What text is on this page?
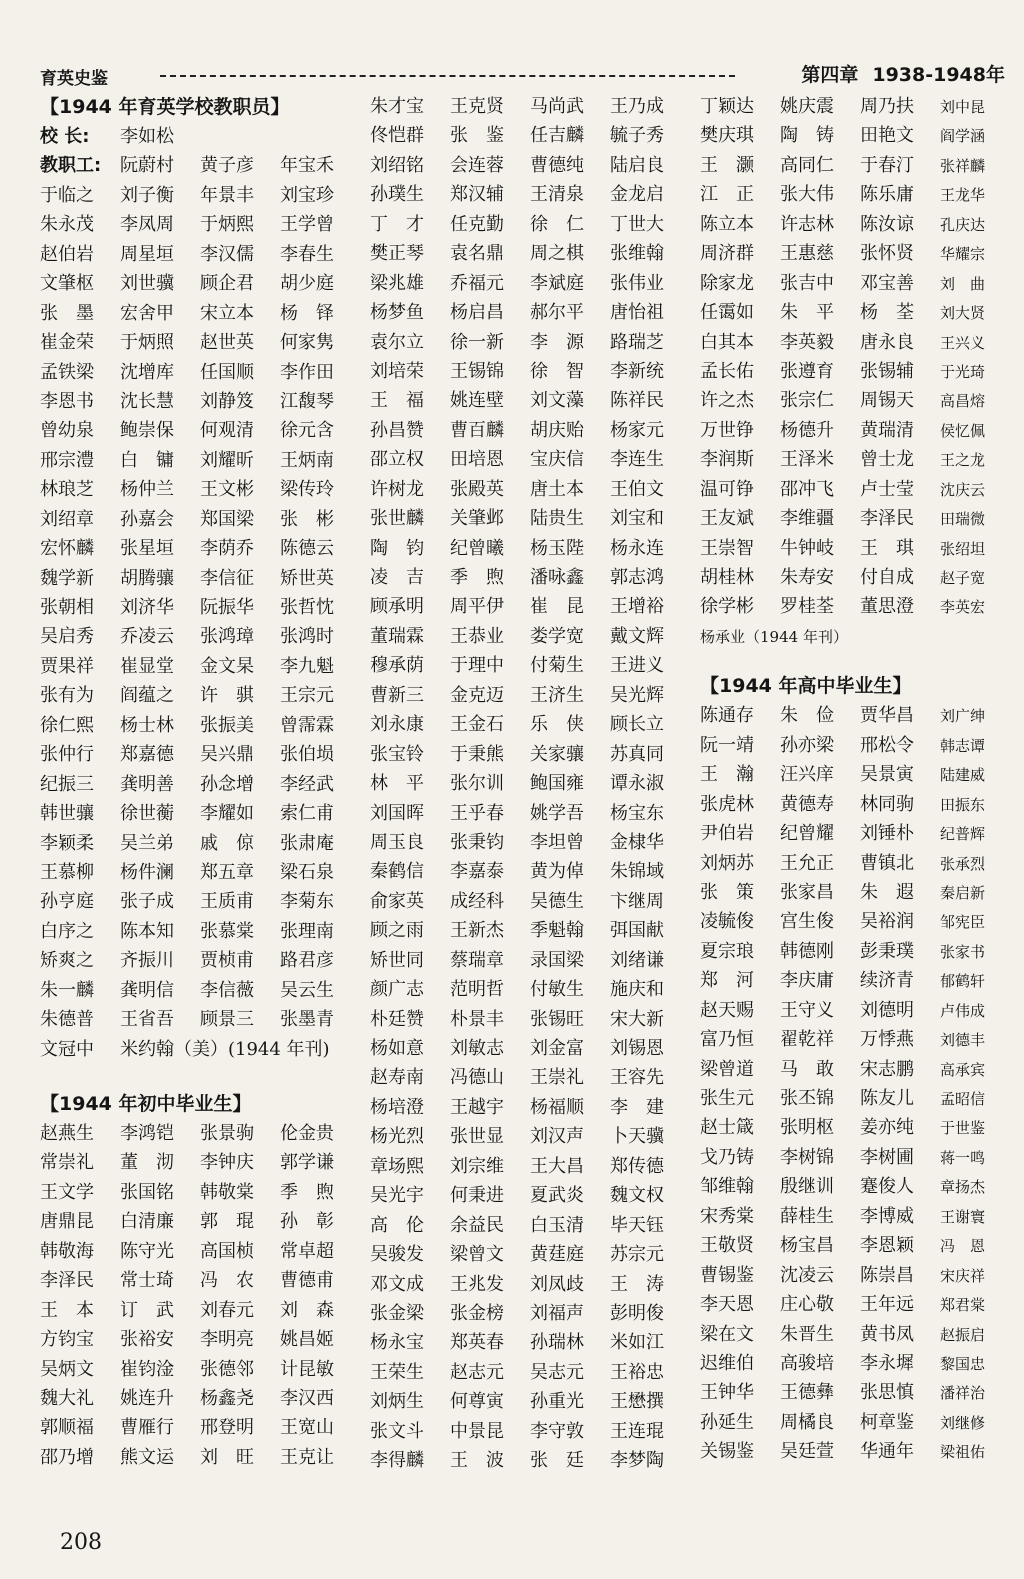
育英史鉴	第四章 1938-1948年
【1944 年育英学校教职员】
校 长: 李如松
教职工: 阮蔚村 黄子彦 年宝禾
于临之 刘子衡 年景丰 刘宝珍
朱永茂 李凤周 于炳熙 王学曾
赵伯岩 周星垣 李汉儒 李春生
文肇枢 刘世骥 顾企君 胡少庭
张　墨 宏舍甲 宋立本 杨　铎
崔金荣 于炳照 赵世英 何家隽
孟铁梁 沈增库 任国顺 李作田
李恩书 沈长慧 刘静笈 江馥琴
曾幼泉 鲍崇保 何观清 徐元含
邢宗澧 白　镛 刘耀昕 王炳南
林琅芝 杨仲兰 王文彬 梁传玲
刘绍章 孙嘉会 郑国梁 张　彬
宏怀麟 张星垣 李荫乔 陈德云
魏学新 胡腾骧 李信征 矫世英
张朝相 刘济华 阮振华 张哲忱
吴启秀 乔凌云 张鸿璋 张鸿时
贾果祥 崔显堂 金文杲 李九魁
张有为 阎蕴之 许　骐 王宗元
徐仁熙 杨士林 张振美 曾霈霖
张仲行 郑嘉德 吴兴鼎 张伯埙
纪振三 龚明善 孙念增 李经武
韩世骧 徐世蘅 李耀如 索仁甫
李颖柔 吴兰弟 戚　倞 张肃庵
王慕柳 杨件澜 郑五章 梁石泉
孙亨庭 张子成 王质甫 李菊东
白序之 陈本知 张慕棠 张理南
矫爽之 齐振川 贾桢甫 路君彦
朱一麟 龚明信 李信薇 吴云生
朱德普 王省吾 顾景三 张墨青
文冠中 米约翰（美）(1944 年刊)
【1944 年初中毕业生】
赵燕生 李鸿铠 张景驹 伦金贵
常崇礼 董　沏 李钟庆 郭学谦
王文学 张国铭 韩敬棠 季　煦
唐鼎昆 白清廉 郭　琨 孙　彰
韩敬海 陈守光 高国桢 常卓超
李泽民 常士琦 冯　农 曹德甫
王　本 订　武 刘春元 刘　森
方钧宝 张裕安 李明亮 姚昌姬
吴炳文 崔钧淦 张德邻 计昆敏
魏大礼 姚连升 杨鑫尧 李汉西
郭顺福 曹雁行 邢登明 王宽山
邵乃增 熊文运 刘　旺 王克让
朱才宝 王克贤 马尚武 王乃成
佟恺群 张　鉴 任吉麟 毓子秀
刘绍铭 会连蓉 曹德纯 陆启良
孙璞生 郑汉辅 王清泉 金龙启
丁　才 任克勤 徐　仁 丁世大
樊正琴 袁名鼎 周之棋 张维翰
梁兆雄 乔福元 李斌庭 张伟业
杨梦鱼 杨启昌 郝尔平 唐怡祖
袁尔立 徐一新 李　源 路瑞芝
刘培荣 王锡锦 徐　智 李新统
王　福 姚连壁 刘文藻 陈祥民
孙昌赞 曹百麟 胡庆贻 杨家元
邵立权 田培恩 宝庆信 李连生
许树龙 张殿英 唐土本 王伯文
张世麟 关肇邺 陆贵生 刘宝和
陶　钧 纪曾曦 杨玉陛 杨永连
凌　吉 季　煦 潘咏鑫 郭志鸿
顾承明 周平伊 崔　昆 王增裕
董瑞霖 王恭业 娄学宽 戴文辉
穆承荫 于理中 付菊生 王进义
曹新三 金克迈 王济生 吴光辉
刘永康 王金石 乐　侠 顾长立
张宝铃 于秉熊 关家骧 苏真同
林　平 张尔训 鲍国雍 谭永淑
刘国晖 王乎春 姚学吾 杨宝东
周玉良 张秉钧 李坦曾 金棣华
秦鹤信 李嘉泰 黄为倬 朱锦域
俞家英 成经科 吴德生 卞继周
顾之雨 王新杰 季魁翰 弭国献
矫世同 蔡瑞章 录国梁 刘绪谦
颜广志 范明哲 付敏生 施庆和
朴廷赞 朴景丰 张锡旺 宋大新
杨如意 刘敏志 刘金富 刘锡恩
赵寿南 冯德山 王崇礼 王容先
杨培澄 王越宇 杨福顺 李　建
杨光烈 张世显 刘汉声 卜天骥
章场熙 刘宗维 王大昌 郑传德
吴光宇 何秉进 夏武炎 魏文权
高　伦 余益民 白玉清 毕天钰
吴骏发 梁曾文 黄莛庭 苏宗元
邓文成 王兆发 刘凤歧 王　涛
张金梁 张金榜 刘福声 彭明俊
杨永宝 郑英春 孙瑞林 米如江
王荣生 赵志元 吴志元 王裕忠
刘炳生 何尊寅 孙重光 王懋撰
张文斗 中景昆 李守敦 王连琨
李得麟 王　波 张　廷 李梦陶
丁颖达 姚庆震 周乃扶 刘中昆
樊庆琪 陶　铸 田艳文 阎学涵
王　灏 高同仁 于春汀 张祥麟
江　正 张大伟 陈乐庸 王龙华
陈立本 许志林 陈汝谅 孔庆达
周济群 王惠慈 张怀贤 华耀宗
除家龙 张吉中 邓宝善 刘　曲
任霭如 朱　平 杨　荃 刘大贤
白其本 李英毅 唐永良 王兴义
孟长佑 张遵育 张锡辅 于光琦
许之杰 张宗仁 周锡天 高昌熔
万世铮 杨德升 黄瑞清 侯忆佩
李润斯 王泽米 曾士龙 王之龙
温可铮 邵冲飞 卢士莹 沈庆云
王友斌 李维疆 李泽民 田瑞微
王崇智 牛钟岐 王　琪 张绍坦
胡桂林 朱寿安 付自成 赵子宽
徐学彬 罗桂荃 董思澄 李英宏
杨承业（1944 年刊）
【1944 年高中毕业生】
陈通存 朱　俭 贾华昌 刘广绅
阮一靖 孙亦梁 邢松令 韩志谭
王　瀚 汪兴庠 吴景寅 陆建威
张虎林 黄德寿 林同驹 田振东
尹伯岩 纪曾耀 刘锤朴 纪普辉
刘炳苏 王允正 曹镇北 张承烈
张　策 张家昌 朱　遐 秦启新
凌毓俊 宫生俊 吴裕润 邹宪臣
夏宗琅 韩德刚 彭秉璞 张家书
郑　河 李庆庸 续济青 郁鹤轩
赵天赐 王守义 刘德明 卢伟成
富乃恒 翟乾祥 万悸燕 刘德丰
梁曾道 马　敢 宋志鹏 高承宾
张生元 张丕锦 陈友儿 孟昭信
赵士箴 张明枢 姜亦纯 于世鉴
戈乃铸 李树锦 李树圃 蒋一鸣
邹维翰 殷继训 蹇俊人 章扬杰
宋秀棠 薛桂生 李博威 王谢寰
王敬贤 杨宝昌 李恩颖 冯　恩
曹锡鉴 沈凌云 陈崇昌 宋庆祥
李天恩 庄心敬 王年远 郑君棠
梁在文 朱晋生 黄书凤 赵振启
迟维伯 高骏培 李永墀 黎国忠
王钟华 王德彝 张思慎 潘祥治
孙延生 周橘良 柯章鉴 刘继修
关锡鉴 吴廷萱 华通年 梁祖佑
208
